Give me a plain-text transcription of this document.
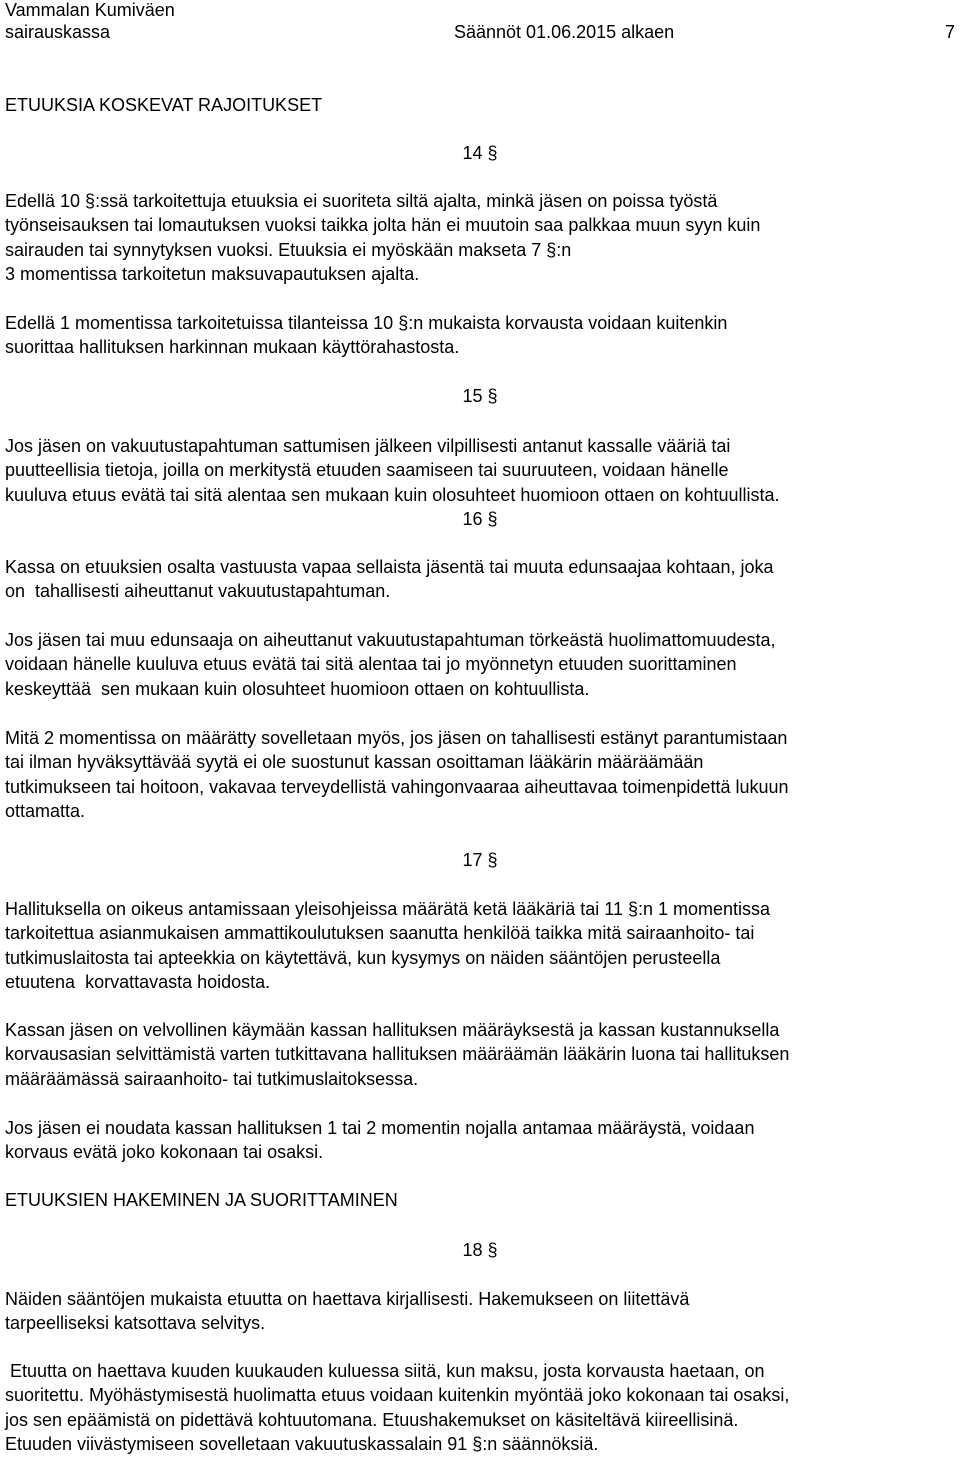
Vammalan Kumiväen
sairauskassa	Säännöt 01.06.2015 alkaen	7
ETUUKSIA KOSKEVAT RAJOITUKSET
14 §
Edellä 10 §:ssä tarkoitettuja etuuksia ei suoriteta siltä ajalta, minkä jäsen on poissa työstä
työnseisauksen tai lomautuksen vuoksi taikka jolta hän ei muutoin saa palkkaa muun syyn kuin
sairauden tai synnytyksen vuoksi. Etuuksia ei myöskään makseta 7 §:n
3 momentissa tarkoitetun maksuvapautuksen ajalta.
Edellä 1 momentissa tarkoitetuissa tilanteissa 10 §:n mukaista korvausta voidaan kuitenkin
suorittaa hallituksen harkinnan mukaan käyttörahastosta.
15 §
Jos jäsen on vakuutustapahtuman sattumisen jälkeen vilpillisesti antanut kassalle vääriä tai
puutteellisia tietoja, joilla on merkitystä etuuden saamiseen tai suuruuteen, voidaan hänelle
kuuluva etuus evätä tai sitä alentaa sen mukaan kuin olosuhteet huomioon ottaen on kohtuullista.
16 §
Kassa on etuuksien osalta vastuusta vapaa sellaista jäsentä tai muuta edunsaajaa kohtaan, joka
on  tahallisesti aiheuttanut vakuutustapahtuman.
Jos jäsen tai muu edunsaaja on aiheuttanut vakuutustapahtuman törkeästä huolimattomuudesta,
voidaan hänelle kuuluva etuus evätä tai sitä alentaa tai jo myönnetyn etuuden suorittaminen
keskeyttää  sen mukaan kuin olosuhteet huomioon ottaen on kohtuullista.
Mitä 2 momentissa on määrätty sovelletaan myös, jos jäsen on tahallisesti estänyt parantumistaan
tai ilman hyväksyttävää syytä ei ole suostunut kassan osoittaman lääkärin määräämään
tutkimukseen tai hoitoon, vakavaa terveydellistä vahingonvaaraa aiheuttavaa toimenpidettä lukuun
ottamatta.
17 §
Hallituksella on oikeus antamissaan yleisohjeissa määrätä ketä lääkäriä tai 11 §:n 1 momentissa
tarkoitettua asianmukaisen ammattikoulutuksen saanutta henkilöä taikka mitä sairaanhoito- tai
tutkimuslaitosta tai apteekkia on käytettävä, kun kysymys on näiden sääntöjen perusteella
etuutena  korvattavasta hoidosta.
Kassan jäsen on velvollinen käymään kassan hallituksen määräyksestä ja kassan kustannuksella
korvausasian selvittämistä varten tutkittavana hallituksen määräämän lääkärin luona tai hallituksen
määräämässä sairaanhoito- tai tutkimuslaitoksessa.
Jos jäsen ei noudata kassan hallituksen 1 tai 2 momentin nojalla antamaa määräystä, voidaan
korvaus evätä joko kokonaan tai osaksi.
ETUUKSIEN HAKEMINEN JA SUORITTAMINEN
18 §
Näiden sääntöjen mukaista etuutta on haettava kirjallisesti. Hakemukseen on liitettävä
tarpeelliseksi katsottava selvitys.
Etuutta on haettava kuuden kuukauden kuluessa siitä, kun maksu, josta korvausta haetaan, on
suoritettu. Myöhästymisestä huolimatta etuus voidaan kuitenkin myöntää joko kokonaan tai osaksi,
jos sen epäämistä on pidettävä kohtuutomana. Etuushakemukset on käsiteltävä kiireellisinä.
Etuuden viivästymiseen sovelletaan vakuutuskassalain 91 §:n säännöksiä.
